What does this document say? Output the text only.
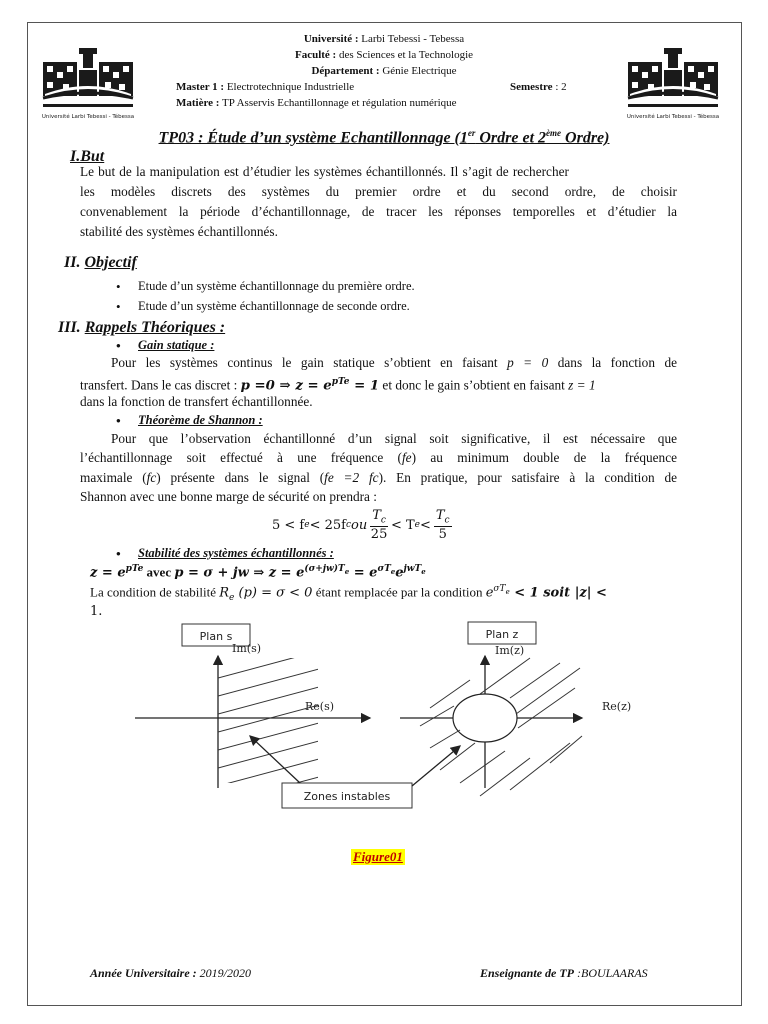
Université Larbi Tebessi - Tébessa	Université Larbi Tebessi - Tébessa
Université : Larbi Tebessi - Tebessa
Faculté : des Sciences et la Technologie
Département : Génie Electrique
Master 1 : Electrotechnique Industrielle	Semestre : 2
Matière : TP Asservis Echantillonnage et régulation numérique
TP03 : Étude d’un système Echantillonnage (1er Ordre et 2ème Ordre)
I.But
Le but de la manipulation est d’étudier les systèmes échantillonnés. Il s’agit de rechercher
les modèles discrets des systèmes du premier ordre et du second ordre, de choisir
convenablement la période d’échantillonnage, de tracer les réponses temporelles et d’étudier la
stabilité des systèmes échantillonnés.
II. Objectif
• Etude d’un système échantillonnage du première ordre.
• Etude d’un système échantillonnage de seconde ordre.
III. Rappels Théoriques :
• Gain statique :
Pour les systèmes continus le gain statique s’obtient en faisant p = 0 dans la fonction de
transfert. Dans le cas discret : p =0 ⇒ $z = e^{pTe} = 1$ et donc le gain s’obtient en faisant z = 1
dans la fonction de transfert échantillonnée.
• Théorème de Shannon :
Pour que l’observation échantillonné d’un signal soit significative, il est nécessaire que
l’échantillonnage soit effectué à une fréquence (fe) au minimum double de la fréquence
maximale (fc) présente dans le signal (fe =2 fc). En pratique, pour satisfaire à la condition de
Shannon avec une bonne marge de sécurité on prendra :
5 < f e < 25f c ou
$T_c$
25
< T e <
$T_c$
5
• Stabilité des systèmes échantillonnés :
$z = e^{pTe}$ avec p = σ + jw ⇒ $z = e^{(\sigma+jw)T_e} = e^{\sigma T_e}e^{jwT_e}$
La condition de stabilité $R_e$ (p) = σ < 0 étant remplacée par la condition $e^{\sigma T_e} < 1$ soit |z| <
1.
Plan s
Im(s)
Re(s)
Plan z
Im(z)
Re(z)
Zones instables
Figure01
Année Universitaire : 2019/2020	Enseignante de TP :BOULAARAS
